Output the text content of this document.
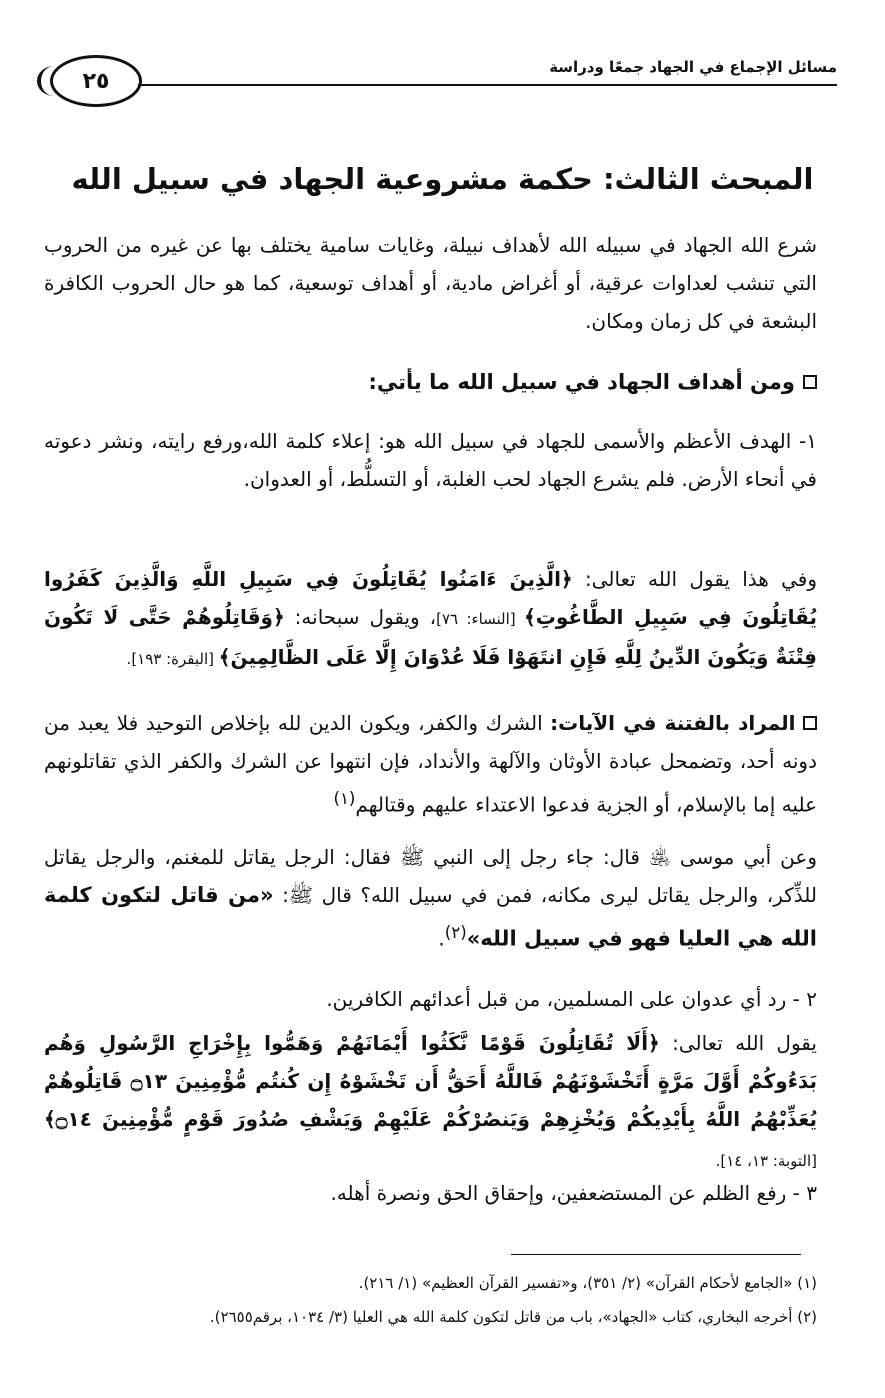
مسائل الإجماع في الجهاد جمعًا ودراسة
٢٥
المبحث الثالث: حكمة مشروعية الجهاد في سبيل الله
شرع الله الجهاد في سبيله الله لأهداف نبيلة، وغايات سامية يختلف بها عن غيره من الحروب التي تنشب لعداوات عرقية، أو أغراض مادية، أو أهداف توسعية، كما هو حال الحروب الكافرة البشعة في كل زمان ومكان.
ومن أهداف الجهاد في سبيل الله ما يأتي:
١- الهدف الأعظم والأسمى للجهاد في سبيل الله هو: إعلاء كلمة الله،ورفع رايته، ونشر دعوته في أنحاء الأرض. فلم يشرع الجهاد لحب الغلبة، أو التسلُّط، أو العدوان.
وفي هذا يقول الله تعالى: ﴿الَّذِينَ ءَامَنُوا يُقَاتِلُونَ فِي سَبِيلِ اللَّهِ وَالَّذِينَ كَفَرُوا يُقَاتِلُونَ فِي سَبِيلِ الطَّاغُوتِ﴾ [النساء: ٧٦]، ويقول سبحانه: ﴿وَقَاتِلُوهُمْ حَتَّى لَا تَكُونَ فِتْنَةٌ وَيَكُونَ الدِّينُ لِلَّهِ فَإِنِ انتَهَوْا فَلَا عُدْوَانَ إِلَّا عَلَى الظَّالِمِينَ﴾ [البقرة: ١٩٣].
المراد بالفتنة في الآيات: الشرك والكفر، ويكون الدين لله بإخلاص التوحيد فلا يعبد من دونه أحد، وتضمحل عبادة الأوثان والآلهة والأنداد، فإن انتهوا عن الشرك والكفر الذي تقاتلونهم عليه إما بالإسلام، أو الجزية فدعوا الاعتداء عليهم وقتالهم$^{(١)}$
وعن أبي موسى ﵁ قال: جاء رجل إلى النبي ﷺ فقال: الرجل يقاتل للمغنم، والرجل يقاتل للذِّكر، والرجل يقاتل ليرى مكانه، فمن في سبيل الله؟ قال ﷺ: «من قاتل لتكون كلمة الله هي العليا فهو في سبيل الله»$^{(٢)}$.
٢ - رد أي عدوان على المسلمين، من قبل أعدائهم الكافرين.
يقول الله تعالى: ﴿أَلَا تُقَاتِلُونَ قَوْمًا نَّكَثُوا أَيْمَانَهُمْ وَهَمُّوا بِإِخْرَاجِ الرَّسُولِ وَهُم بَدَءُوكُمْ أَوَّلَ مَرَّةٍ أَتَخْشَوْنَهُمْ فَاللَّهُ أَحَقُّ أَن تَخْشَوْهُ إِن كُنتُم مُّؤْمِنِينَ ۝١٣ قَاتِلُوهُمْ يُعَذِّبْهُمُ اللَّهُ بِأَيْدِيكُمْ وَيُخْزِهِمْ وَيَنصُرْكُمْ عَلَيْهِمْ وَيَشْفِ صُدُورَ قَوْمٍ مُّؤْمِنِينَ ۝١٤﴾ [التوبة: ١٣، ١٤].
٣ - رفع الظلم عن المستضعفين، وإحقاق الحق ونصرة أهله.
(١) «الجامع لأحكام القرآن» (٢/ ٣٥١)، و«تفسير القرآن العظيم» (١/ ٢١٦).
(٢) أخرجه البخاري، كتاب «الجهاد»، باب من قاتل لتكون كلمة الله هي العليا (٣/ ١٠٣٤، برقم٢٦٥٥).
